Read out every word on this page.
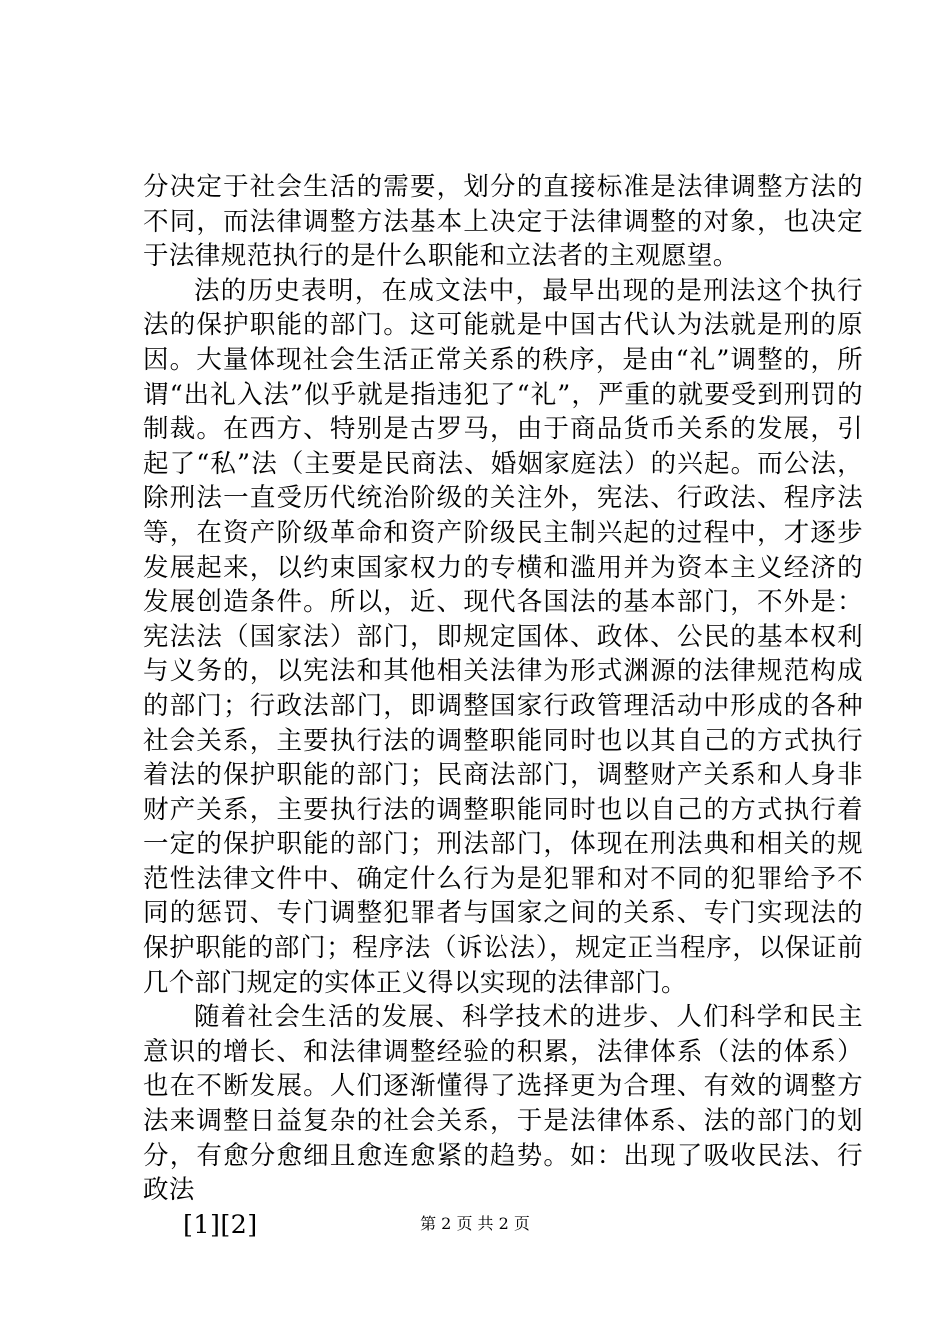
分决定于社会生活的需要，划分的直接标准是法律调整方法的不同，而法律调整方法基本上决定于法律调整的对象，也决定于法律规范执行的是什么职能和立法者的主观愿望。

法的历史表明，在成文法中，最早出现的是刑法这个执行法的保护职能的部门。这可能就是中国古代认为法就是刑的原因。大量体现社会生活正常关系的秩序，是由“礼”调整的，所谓“出礼入法”似乎就是指违犯了“礼”，严重的就要受到刑罚的制裁。在西方、特别是古罗马，由于商品货币关系的发展，引起了“私”法（主要是民商法、婚姻家庭法）的兴起。而公法，除刑法一直受历代统治阶级的关注外，宪法、行政法、程序法等，在资产阶级革命和资产阶级民主制兴起的过程中，才逐步发展起来，以约束国家权力的专横和滥用并为资本主义经济的发展创造条件。所以，近、现代各国法的基本部门，不外是：宪法法（国家法）部门，即规定国体、政体、公民的基本权利与义务的，以宪法和其他相关法律为形式渊源的法律规范构成的部门；行政法部门，即调整国家行政管理活动中形成的各种社会关系，主要执行法的调整职能同时也以其自己的方式执行着法的保护职能的部门；民商法部门，调整财产关系和人身非财产关系，主要执行法的调整职能同时也以自己的方式执行着一定的保护职能的部门；刑法部门，体现在刑法典和相关的规范性法律文件中、确定什么行为是犯罪和对不同的犯罪给予不同的惩罚、专门调整犯罪者与国家之间的关系、专门实现法的保护职能的部门；程序法（诉讼法），规定正当程序，以保证前几个部门规定的实体正义得以实现的法律部门。

随着社会生活的发展、科学技术的进步、人们科学和民主意识的增长、和法律调整经验的积累，法律体系（法的体系）也在不断发展。人们逐渐懂得了选择更为合理、有效的调整方法来调整日益复杂的社会关系，于是法律体系、法的部门的划分，有愈分愈细且愈连愈紧的趋势。如：出现了吸收民法、行政法

[1][2]	第 2 页 共 2 页
